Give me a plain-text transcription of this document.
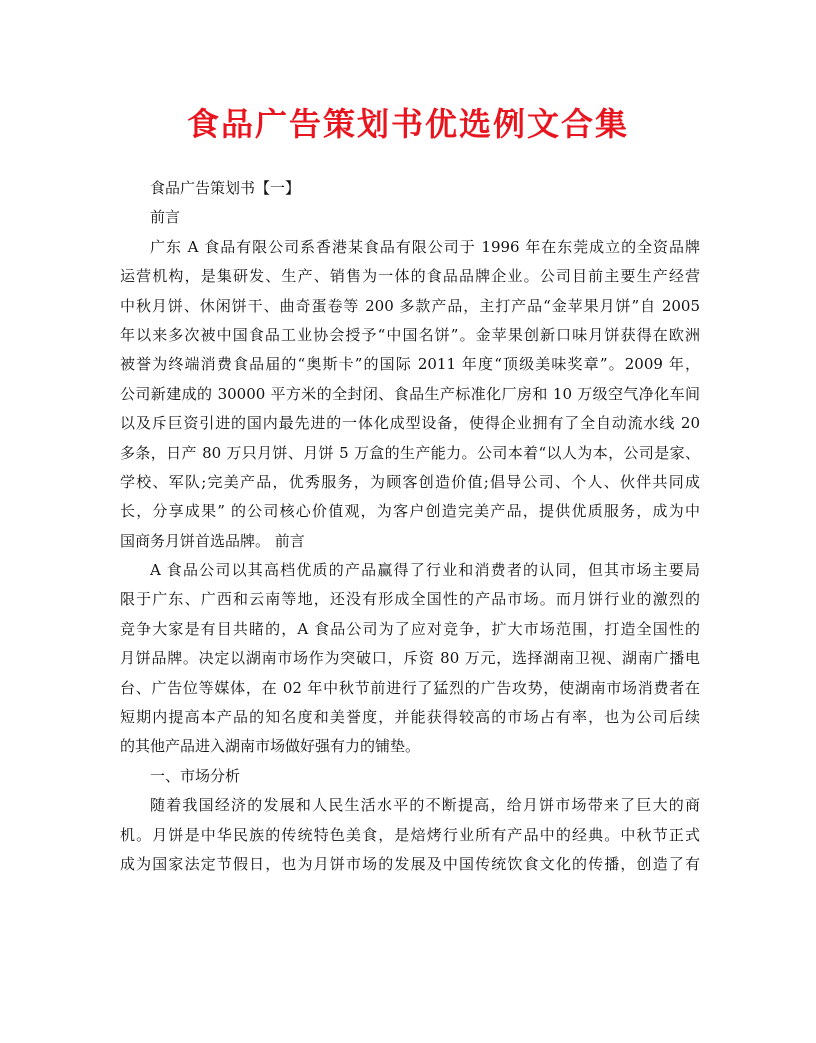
食品广告策划书优选例文合集

食品广告策划书【一】

前言

广东 A 食品有限公司系香港某食品有限公司于 1996 年在东莞成立的全资品牌

运营机构，是集研发、生产、销售为一体的食品品牌企业。公司目前主要生产经营

中秋月饼、休闲饼干、曲奇蛋卷等 200 多款产品，主打产品“金苹果月饼”自 2005

年以来多次被中国食品工业协会授予“中国名饼”。金苹果创新口味月饼获得在欧洲

被誉为终端消费食品届的“奥斯卡”的国际 2011 年度“顶级美味奖章”。2009 年，

公司新建成的 30000 平方米的全封闭、食品生产标准化厂房和 10 万级空气净化车间

以及斥巨资引进的国内最先进的一体化成型设备，使得企业拥有了全自动流水线 20

多条，日产 80 万只月饼、月饼 5 万盒的生产能力。公司本着“以人为本，公司是家、

学校、军队;完美产品，优秀服务，为顾客创造价值;倡导公司、个人、伙伴共同成

长，分享成果” 的公司核心价值观，为客户创造完美产品，提供优质服务，成为中

国商务月饼首选品牌。 前言

A 食品公司以其高档优质的产品赢得了行业和消费者的认同，但其市场主要局

限于广东、广西和云南等地，还没有形成全国性的产品市场。而月饼行业的激烈的

竞争大家是有目共睹的，A 食品公司为了应对竞争，扩大市场范围，打造全国性的

月饼品牌。决定以湖南市场作为突破口，斥资 80 万元，选择湖南卫视、湖南广播电

台、广告位等媒体，在 02 年中秋节前进行了猛烈的广告攻势，使湖南市场消费者在

短期内提高本产品的知名度和美誉度，并能获得较高的市场占有率，也为公司后续

的其他产品进入湖南市场做好强有力的铺垫。

一、市场分析

随着我国经济的发展和人民生活水平的不断提高，给月饼市场带来了巨大的商

机。月饼是中华民族的传统特色美食，是焙烤行业所有产品中的经典。中秋节正式

成为国家法定节假日，也为月饼市场的发展及中国传统饮食文化的传播，创造了有
